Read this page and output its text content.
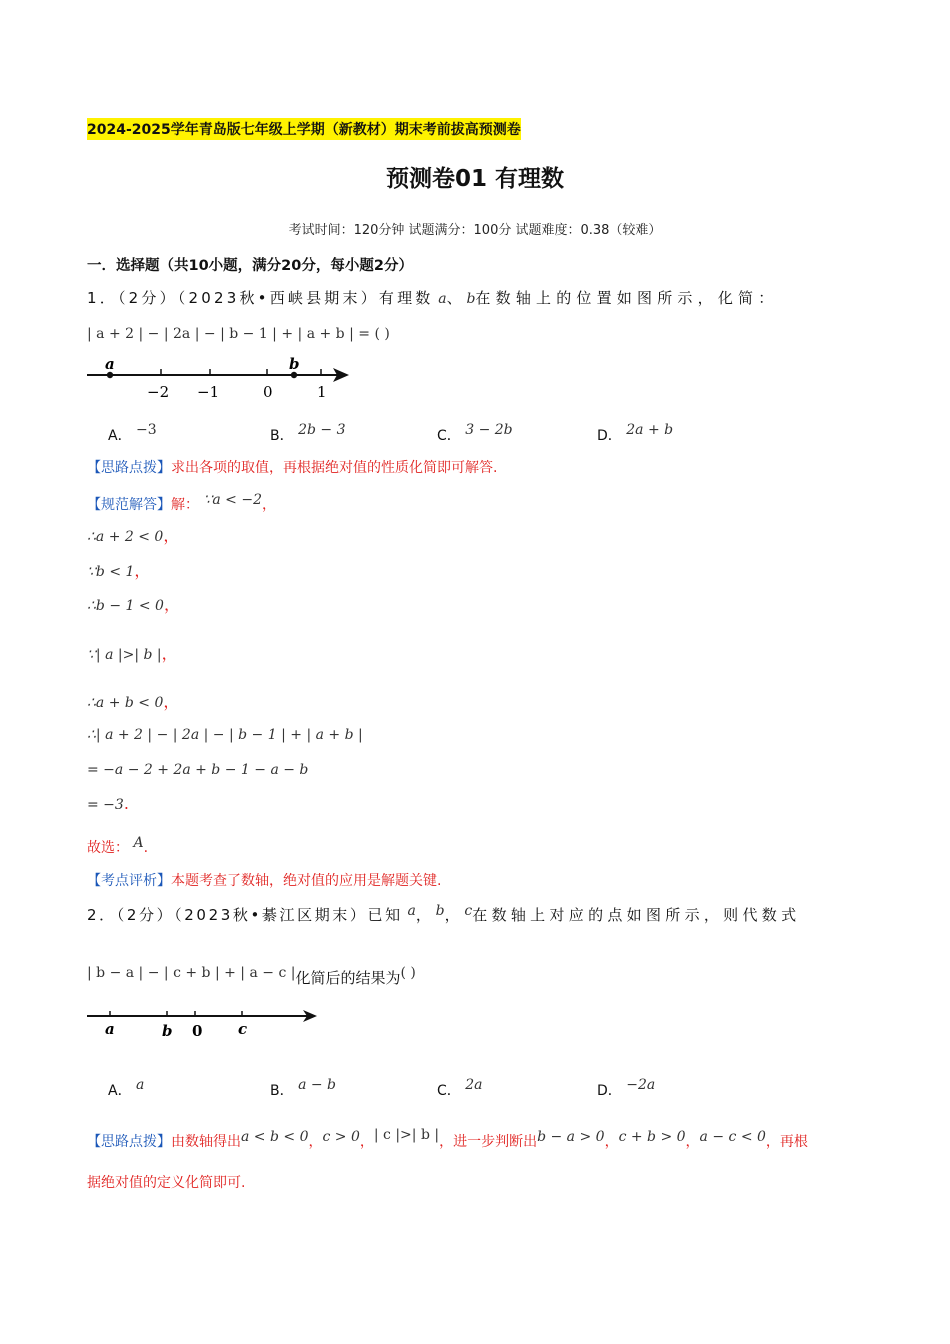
2024-2025学年青岛版七年级上学期（新教材）期末考前拔高预测卷
预测卷01 有理数
考试时间：120分钟 试题满分：100分 试题难度：0.38（较难）
一．选择题（共10小题，满分20分，每小题2分）
1．（2分）（2023秋•西峡县期末）有理数 a、 b在数轴上的位置如图所示，化简：
| a + 2 | − | 2a | − | b − 1 | + | a + b | = ( )
a	b
−2 −1	0	1
A． −3	B． 2b − 3	C． 3 − 2b	D． 2a + b
【思路点拨】求出各项的取值，再根据绝对值的性质化简即可解答.
【规范解答】解： ∵a < −2，
∴a + 2 < 0，
∵b < 1，
∴b − 1 < 0，
∵| a |>| b |，
∴a + b < 0，
∴| a + 2 | − | 2a | − | b − 1 | + | a + b |
= −a − 2 + 2a + b − 1 − a − b
= −3.
故选： A.
【考点评析】本题考查了数轴，绝对值的应用是解题关键.
2．（2分）（2023秋•綦江区期末）已知 a， b， c在数轴上对应的点如图所示，则代数式
| b − a | − | c + b | + | a − c |化简后的结果为( )
a	b 0 c
A． a	B． a − b	C． 2a	D． −2a
【思路点拨】由数轴得出a < b < 0，c > 0，| c |>| b |，进一步判断出b − a > 0，c + b > 0，a − c < 0，再根
据绝对值的定义化简即可.
